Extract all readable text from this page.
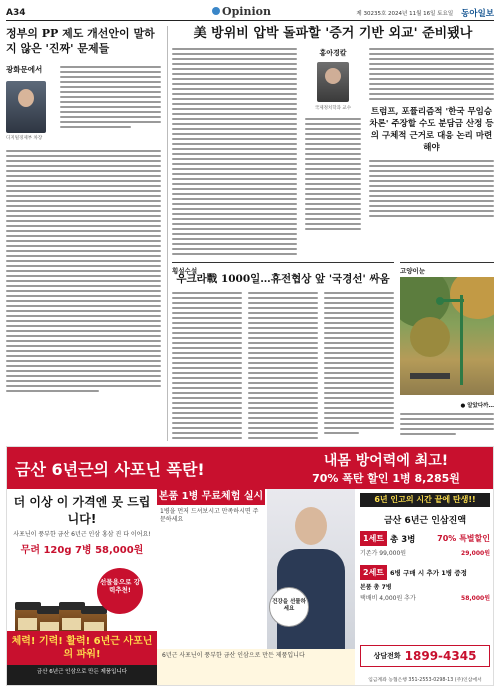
A34	Opinion	제 30235호 2024년 11월 16일 토요일 동아일보
정부의 PP 제도 개선안이 말하지 않은 '진짜' 문제들
광화문에서
디지털경제부 차장
美 방위비 압박 돌파할 '증거 기반 외교' 준비됐나
홍아경칼
국제정치학과 교수	트럼프, 포퓰리즘적 '한국 무임승차론' 주장할 수도 분담금 산정 등의 구체적 근거로 대응 논리 마련해야
횡설수설
우크라戰 1000일…휴전협상 앞 '국경선' 싸움
고양이눈
● 알았다까…
금산 6년근의 사포닌 폭탄!	내몸 방어력에 최고!
70% 폭탄 할인 1병 8,285원
더 이상 이 가격엔 못 드립니다!
사포닌이 풍부한 금산 6년근 인삼 홍삼 진 다 이어요!
무려 120g 7병 58,000원
선물용으로 강력추천!
체력! 기력! 활력! 6년근 사포닌의 파워!
금산 6년근 인삼으로 만든 제품입니다
본품 1병 무료체험 실시
1병을 먼저 드셔보시고 만족하시면 주문하세요
건강을 선물하세요
6년근 사포닌이 풍부한 금산 인삼으로 만든 제품입니다
6년 인고의 시간 끝에 탄생!!
금산 6년근 인삼진액
1세트 총 3병	70% 특별할인
기존가 99,000원	29,000원
2세트 6병 구매 시 추가 1병 증정
본품 총 7병
택배비 4,000원 추가	58,000원
상담전화 1899-4345
입금계좌 농협은행 351-2553-0298-13 (주)인삼에서
